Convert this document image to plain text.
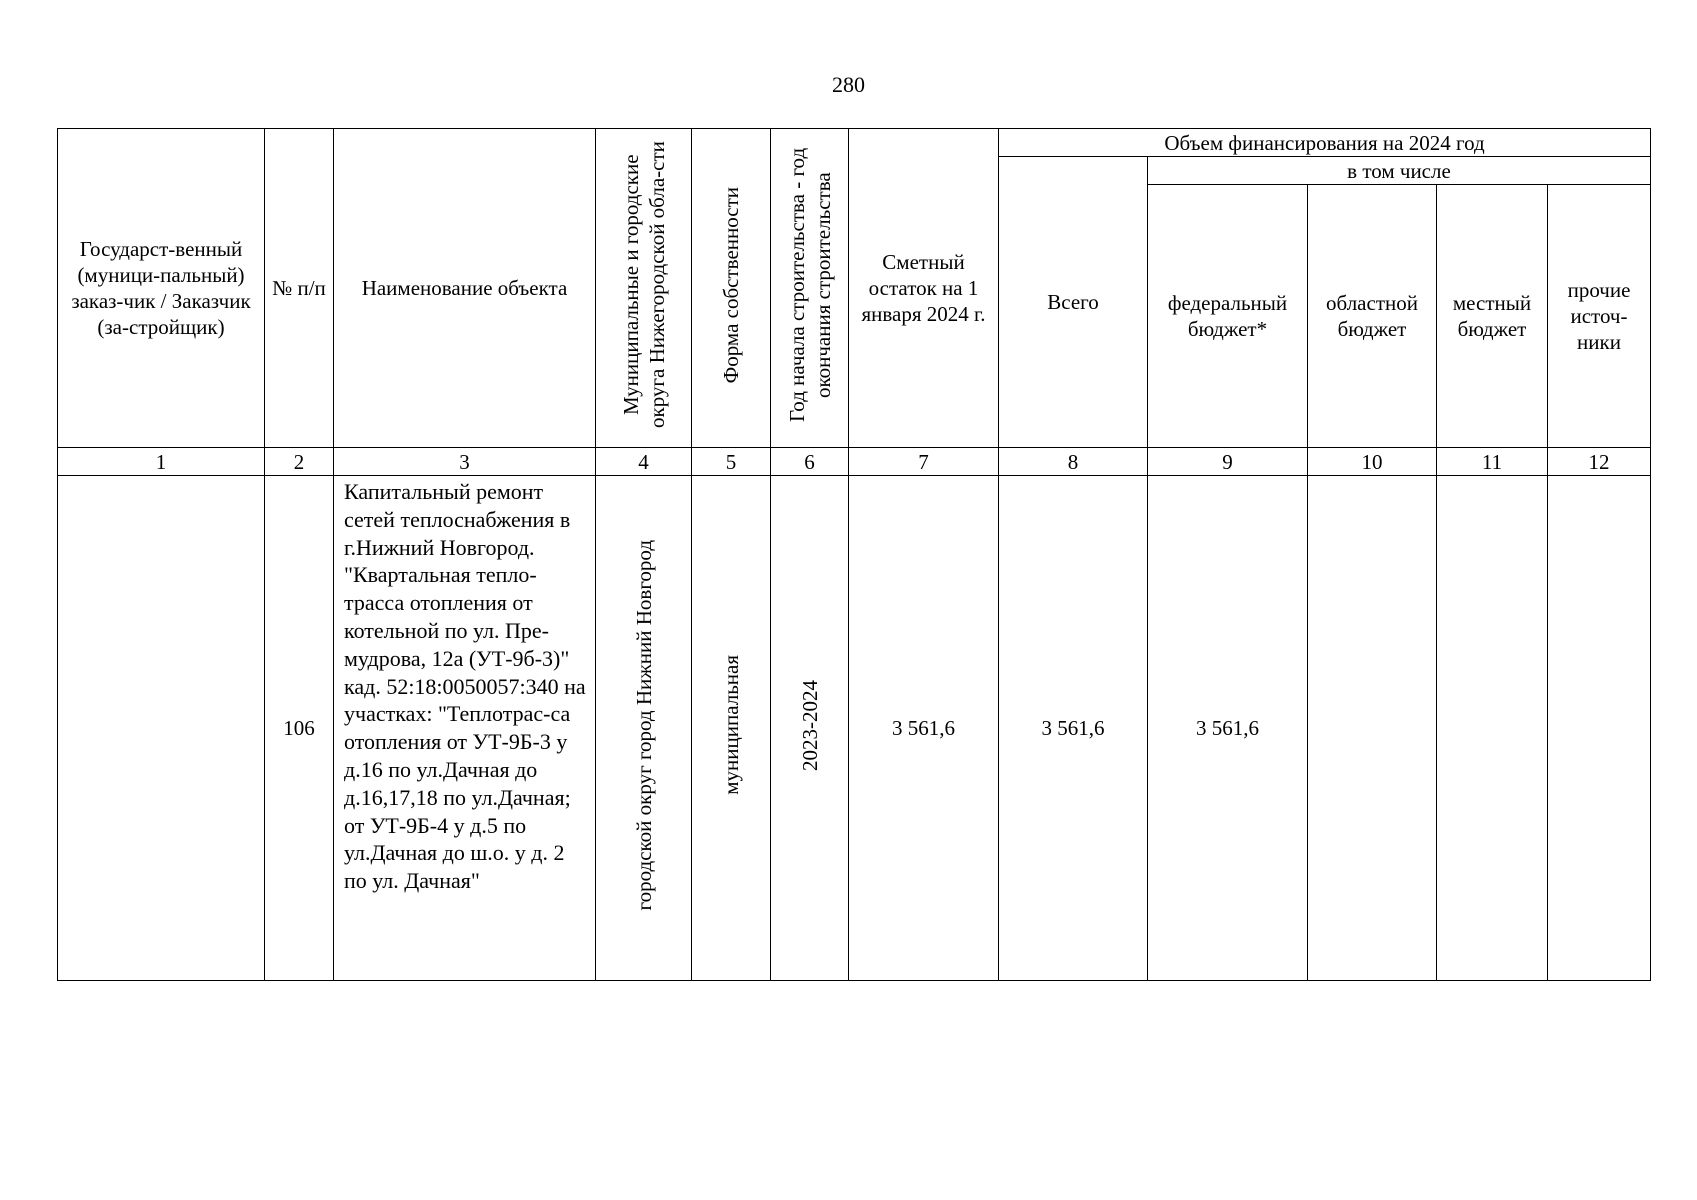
280
Государст-венный (муници-пальный) заказ-чик / Заказчик (за-стройщик)	№ п/п	Наименование объекта	Муниципальные и городские округа Нижегородской обла-сти	Форма собственности	Год начала строительства - год окончания строительства	Сметный остаток на 1 января 2024 г.	Объем финансирования на 2024 год				
							Всего	в том числе			

								федеральный бюджет*	областной бюджет	местный бюджет	прочие источ-ники

1	2	3	4	5	6	7	8	9	10	11	12
	106	Капитальный ремонт сетей теплоснабжения в г.Нижний Новгород. "Квартальная тепло-трасса отопления от котельной по ул. Пре-мудрова, 12а (УТ-9б-3)" кад. 52:18:0050057:340 на участках: "Теплотрас-са отопления от УТ-9Б-3 у д.16 по ул.Дачная до д.16,17,18 по ул.Дачная; от УТ-9Б-4 у д.5 по ул.Дачная до ш.о. у д. 2 по ул. Дачная"	городской округ город Нижний Новгород	муниципальная	2023-2024	3 561,6	3 561,6	3 561,6			
